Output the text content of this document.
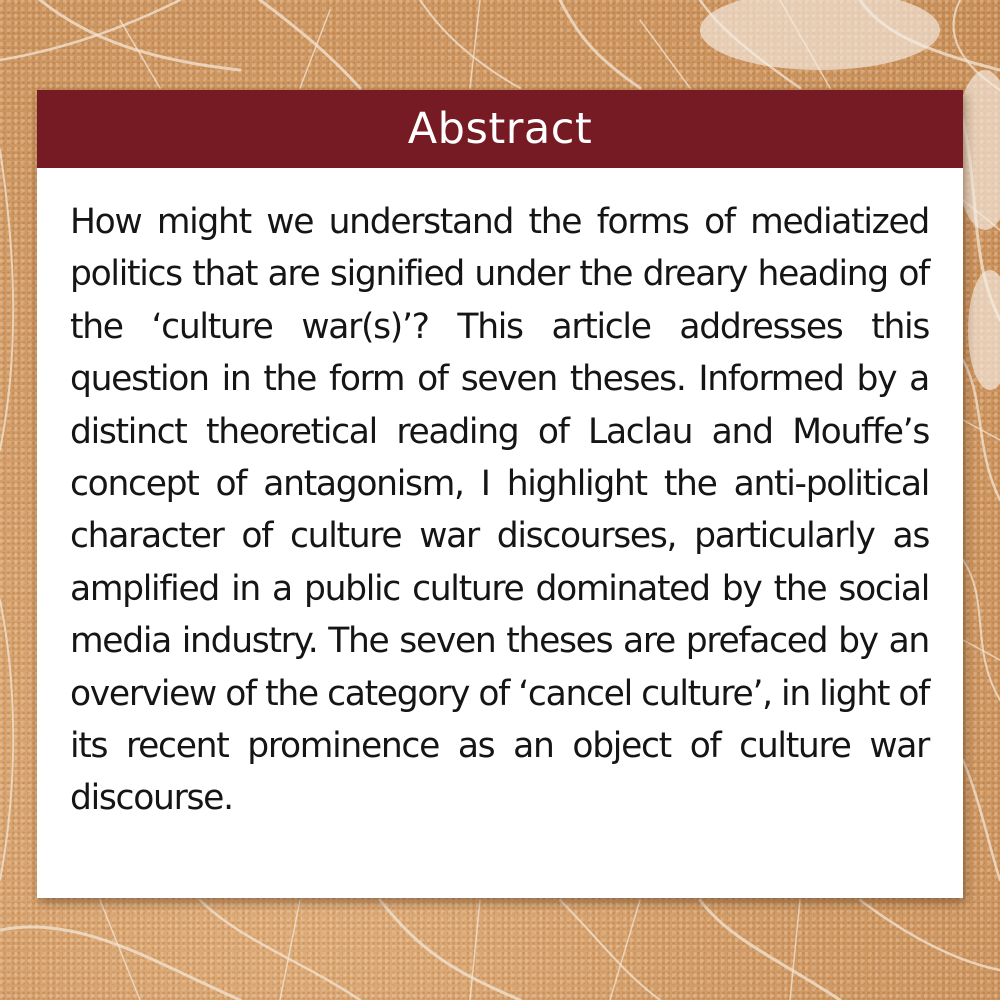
Abstract

How might we understand the forms of mediatized politics that are signified under the dreary heading of the ‘culture war(s)’? This article addresses this question in the form of seven theses. Informed by a distinct theoretical reading of Laclau and Mouffe’s concept of antagonism, I highlight the anti-political character of culture war discourses, particularly as amplified in a public culture dominated by the social media industry. The seven theses are prefaced by an overview of the category of ‘cancel culture’, in light of its recent prominence as an object of culture war discourse.
